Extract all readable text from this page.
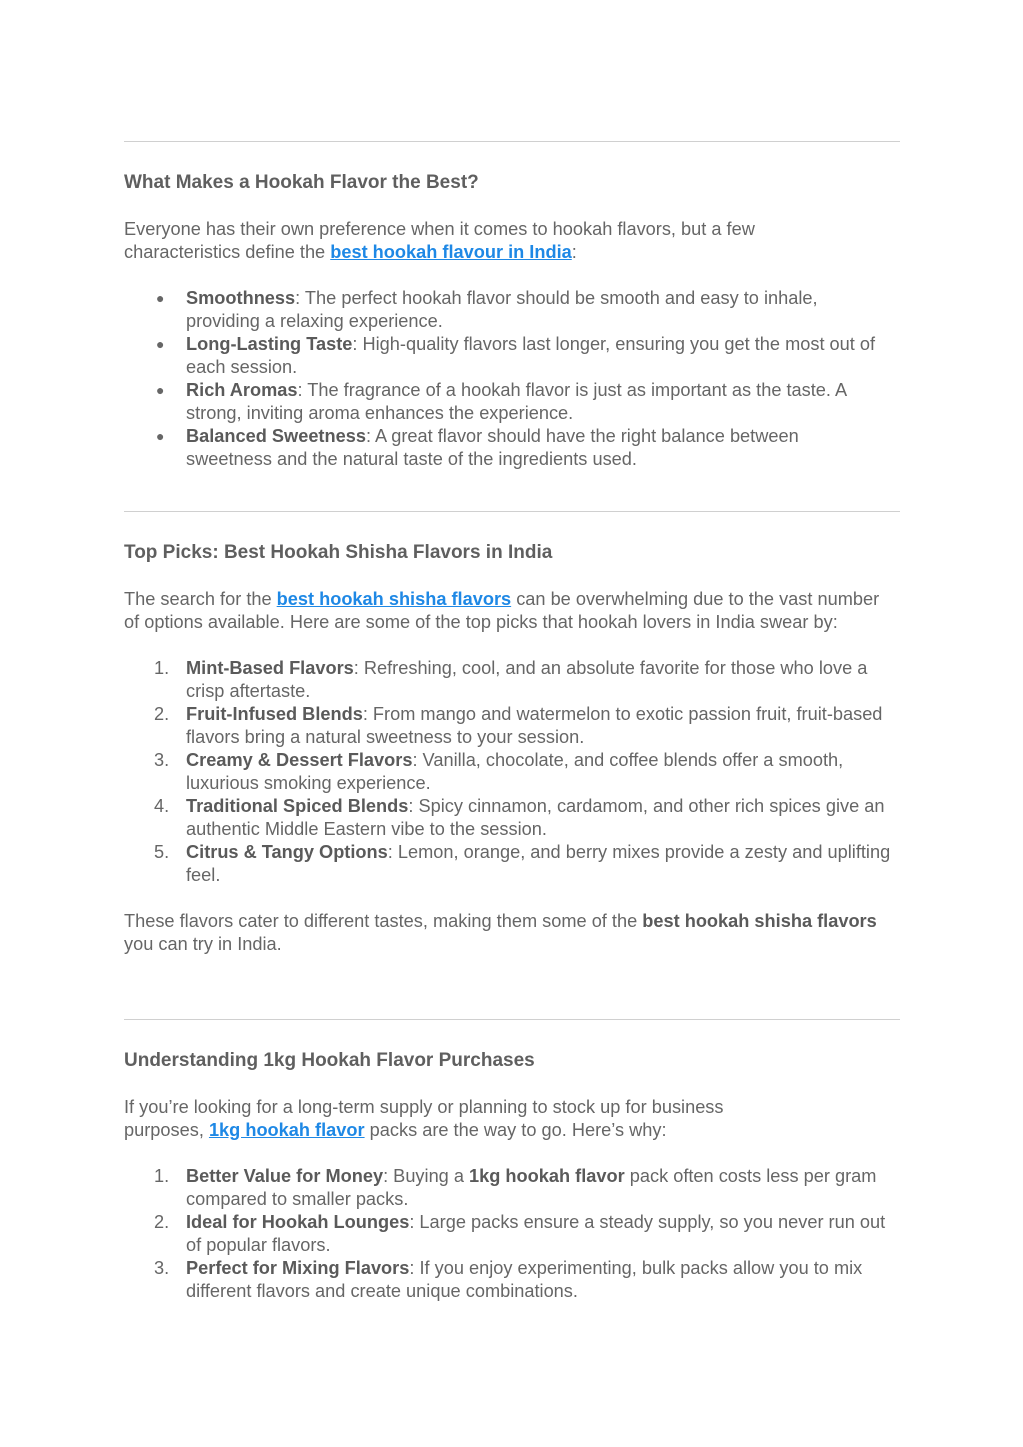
What Makes a Hookah Flavor the Best?

Everyone has their own preference when it comes to hookah flavors, but a few characteristics define the best hookah flavour in India:

●	Smoothness: The perfect hookah flavor should be smooth and easy to inhale, providing a relaxing experience.
●	Long-Lasting Taste: High-quality flavors last longer, ensuring you get the most out of each session.
●	Rich Aromas: The fragrance of a hookah flavor is just as important as the taste. A strong, inviting aroma enhances the experience.
●	Balanced Sweetness: A great flavor should have the right balance between sweetness and the natural taste of the ingredients used.
Top Picks: Best Hookah Shisha Flavors in India

The search for the best hookah shisha flavors can be overwhelming due to the vast number of options available. Here are some of the top picks that hookah lovers in India swear by:

1. Mint-Based Flavors: Refreshing, cool, and an absolute favorite for those who love a crisp aftertaste.
2. Fruit-Infused Blends: From mango and watermelon to exotic passion fruit, fruit-based flavors bring a natural sweetness to your session.
3. Creamy & Dessert Flavors: Vanilla, chocolate, and coffee blends offer a smooth, luxurious smoking experience.
4. Traditional Spiced Blends: Spicy cinnamon, cardamom, and other rich spices give an authentic Middle Eastern vibe to the session.
5. Citrus & Tangy Options: Lemon, orange, and berry mixes provide a zesty and uplifting feel.

These flavors cater to different tastes, making them some of the best hookah shisha flavors you can try in India.

Understanding 1kg Hookah Flavor Purchases

If you’re looking for a long-term supply or planning to stock up for business purposes, 1kg hookah flavor packs are the way to go. Here’s why:

1. Better Value for Money: Buying a 1kg hookah flavor pack often costs less per gram compared to smaller packs.
2. Ideal for Hookah Lounges: Large packs ensure a steady supply, so you never run out of popular flavors.
3. Perfect for Mixing Flavors: If you enjoy experimenting, bulk packs allow you to mix different flavors and create unique combinations.
